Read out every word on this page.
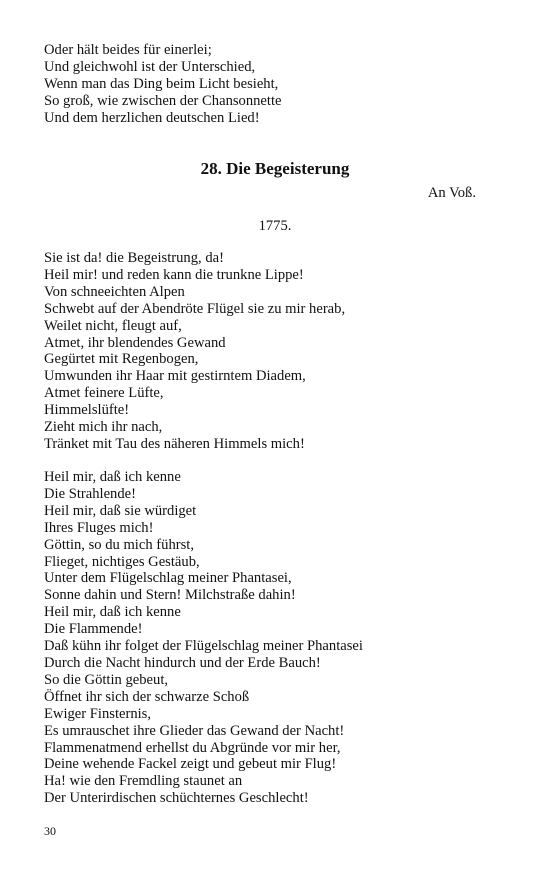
Oder hält beides für einerlei;
Und gleichwohl ist der Unterschied,
Wenn man das Ding beim Licht besieht,
So groß, wie zwischen der Chansonnette
Und dem herzlichen deutschen Lied!
28. Die Begeisterung
An Voß.
1775.
Sie ist da! die Begeistrung, da!
Heil mir! und reden kann die trunkne Lippe!
Von schneeichten Alpen
Schwebt auf der Abendröte Flügel sie zu mir herab,
Weilet nicht, fleugt auf,
Atmet, ihr blendendes Gewand
Gegürtet mit Regenbogen,
Umwunden ihr Haar mit gestirntem Diadem,
Atmet feinere Lüfte,
Himmelslüfte!
Zieht mich ihr nach,
Tränket mit Tau des näheren Himmels mich!
Heil mir, daß ich kenne
Die Strahlende!
Heil mir, daß sie würdiget
Ihres Fluges mich!
Göttin, so du mich führst,
Flieget, nichtiges Gestäub,
Unter dem Flügelschlag meiner Phantasei,
Sonne dahin und Stern! Milchstraße dahin!
Heil mir, daß ich kenne
Die Flammende!
Daß kühn ihr folget der Flügelschlag meiner Phantasei
Durch die Nacht hindurch und der Erde Bauch!
So die Göttin gebeut,
Öffnet ihr sich der schwarze Schoß
Ewiger Finsternis,
Es umrauschet ihre Glieder das Gewand der Nacht!
Flammenatmend erhellst du Abgründe vor mir her,
Deine wehende Fackel zeigt und gebeut mir Flug!
Ha! wie den Fremdling staunet an
Der Unterirdischen schüchternes Geschlecht!
30
